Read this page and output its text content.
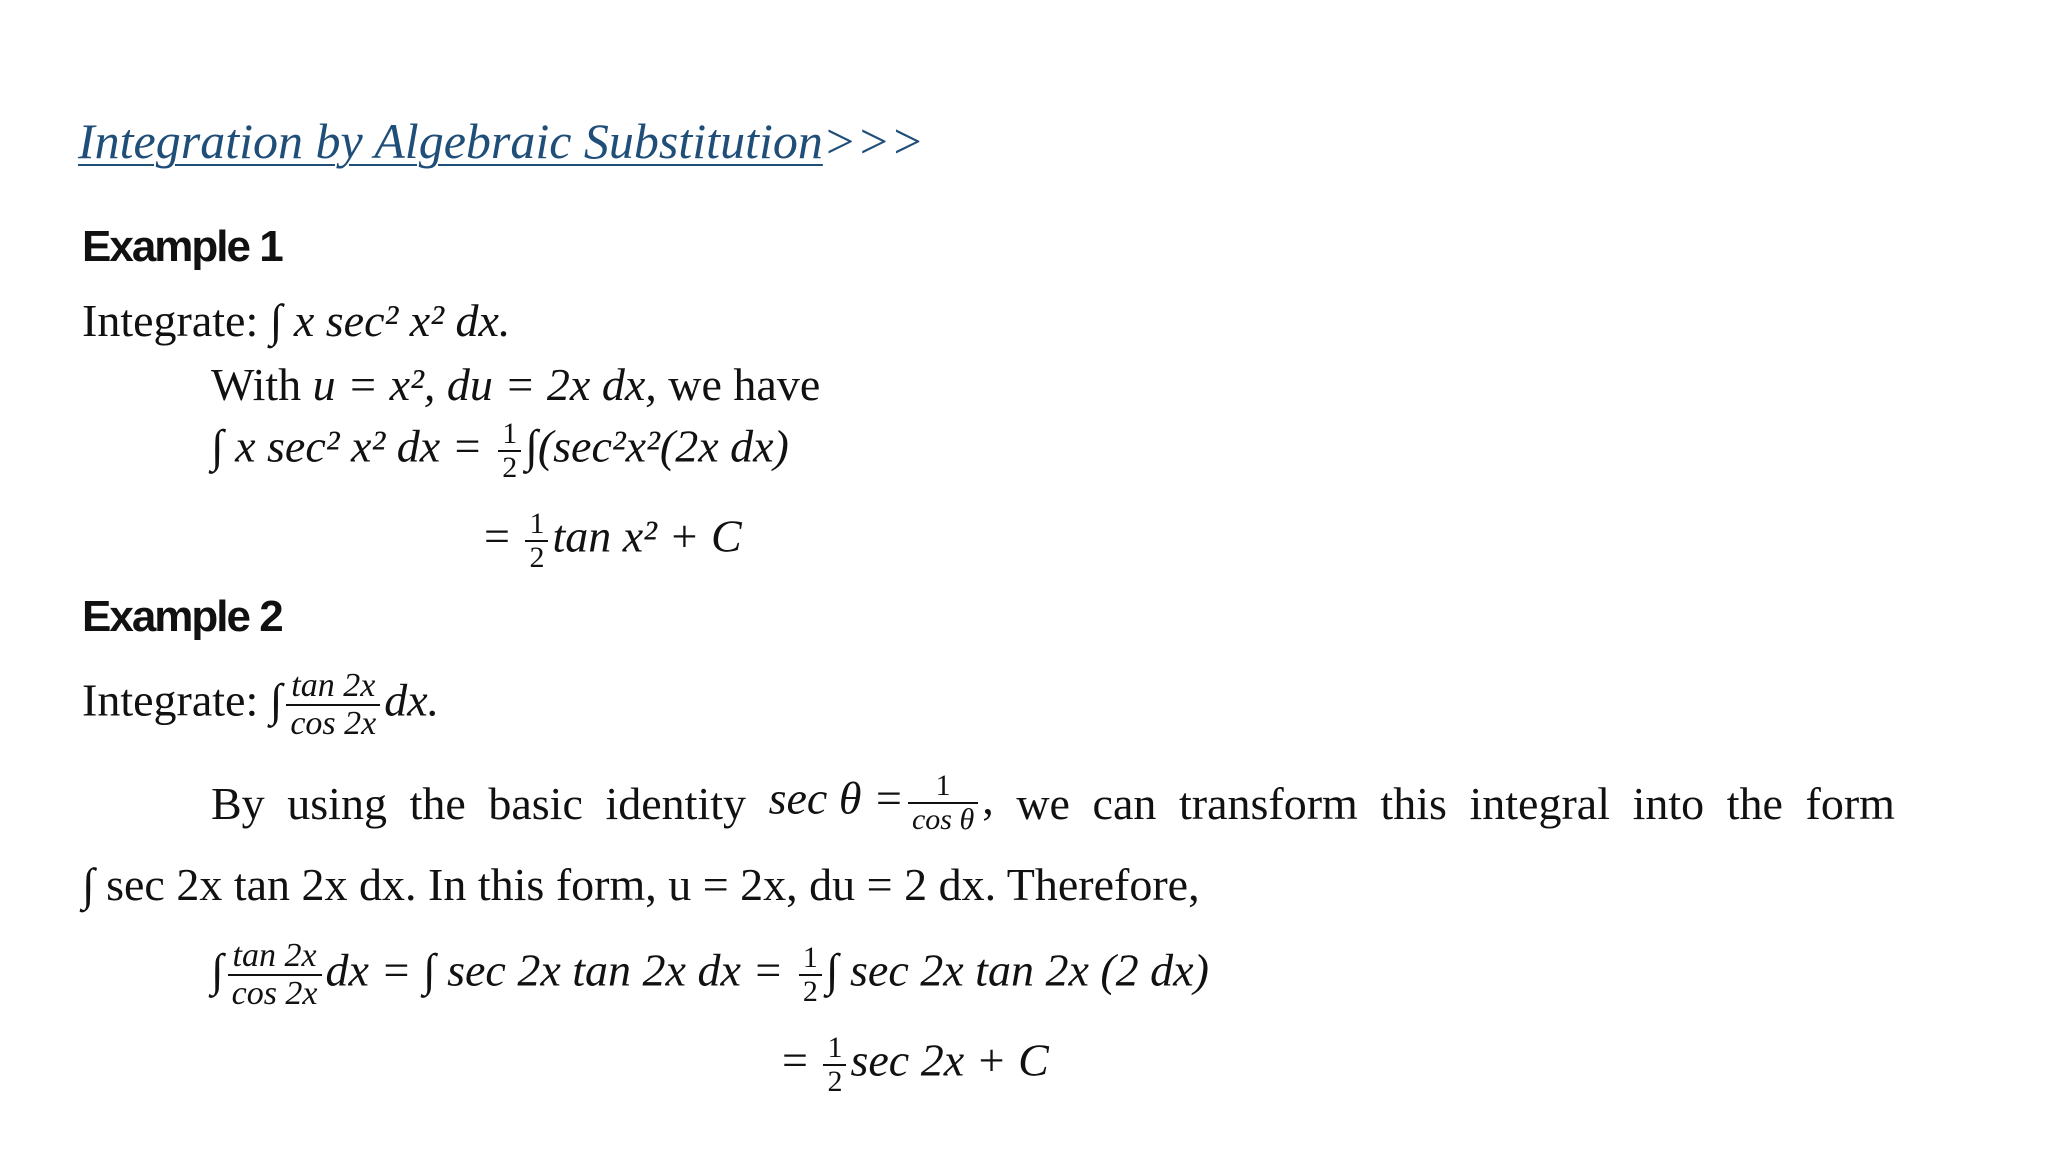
Integration by Algebraic Substitution>>>
Example 1
Integrate: ∫ x sec² x² dx.
With u = x², du = 2x dx, we have
∫ x sec² x² dx = $\frac{1}{2} \int(\sec^2x^2(2x$ dx)
= $\frac{1}{2}$ tan x² + C
Example 2
Integrate: ∫ $\frac{\tan 2x}{\cos 2x}$ dx.
By using the basic identity $\sec \theta = \frac{1}{\text{cos θ}}$ , we can transform this integral into the form
∫ sec 2x tan 2x dx. In this form, u = 2x, du = 2 dx. Therefore,
∫ $\frac{\tan 2x}{\cos 2x}$ dx = ∫ sec 2x tan 2x dx = $\frac{1}{2}$ ∫ sec 2x tan 2x (2 dx)
= $\frac{1}{2}$ sec 2x + C
